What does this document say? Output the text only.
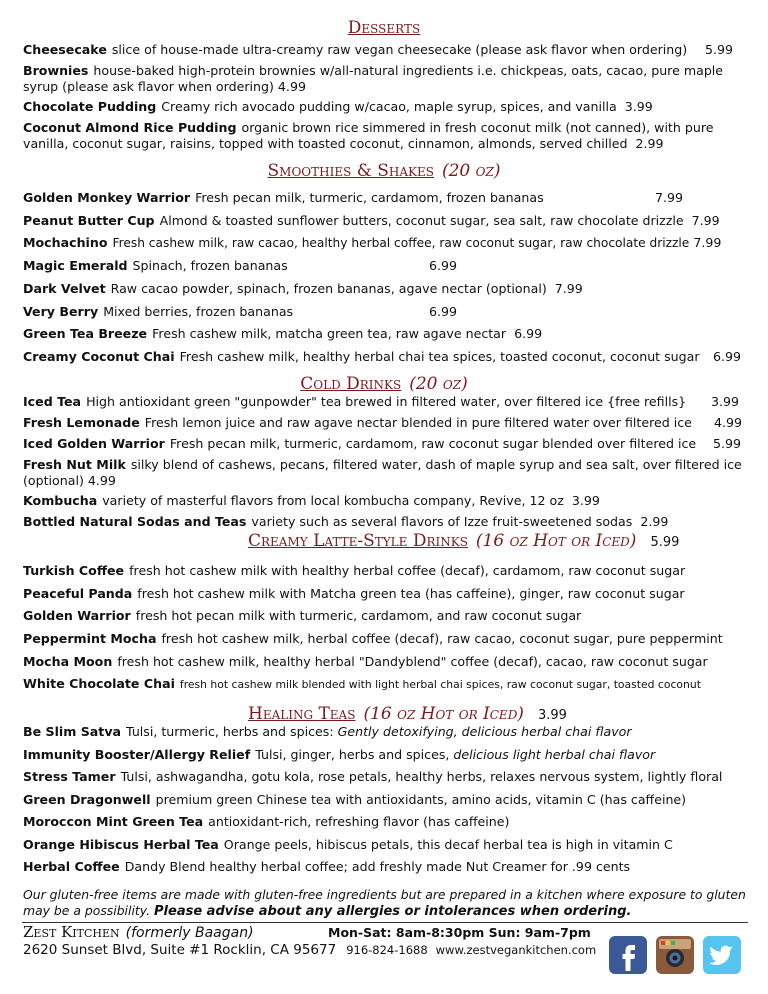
Desserts
Cheesecake slice of house-made ultra-creamy raw vegan cheesecake (please ask flavor when ordering) 5.99
Brownies house-baked high-protein brownies w/all-natural ingredients i.e. chickpeas, oats, cacao, pure maple syrup (please ask flavor when ordering) 4.99
Chocolate Pudding Creamy rich avocado pudding w/cacao, maple syrup, spices, and vanilla 3.99
Coconut Almond Rice Pudding organic brown rice simmered in fresh coconut milk (not canned), with pure vanilla, coconut sugar, raisins, topped with toasted coconut, cinnamon, almonds, served chilled 2.99
Smoothies & Shakes (20 oz)
Golden Monkey Warrior Fresh pecan milk, turmeric, cardamom, frozen bananas	7.99
Peanut Butter Cup Almond & toasted sunflower butters, coconut sugar, sea salt, raw chocolate drizzle 7.99
Mochachino Fresh cashew milk, raw cacao, healthy herbal coffee, raw coconut sugar, raw chocolate drizzle 7.99
Magic Emerald Spinach, frozen bananas	6.99
Dark Velvet Raw cacao powder, spinach, frozen bananas, agave nectar (optional) 7.99
Very Berry Mixed berries, frozen bananas	6.99
Green Tea Breeze Fresh cashew milk, matcha green tea, raw agave nectar 6.99
Creamy Coconut Chai Fresh cashew milk, healthy herbal chai tea spices, toasted coconut, coconut sugar 6.99
Cold Drinks (20 oz)
Iced Tea High antioxidant green "gunpowder" tea brewed in filtered water, over filtered ice {free refills} 3.99
Fresh Lemonade Fresh lemon juice and raw agave nectar blended in pure filtered water over filtered ice 4.99
Iced Golden Warrior Fresh pecan milk, turmeric, cardamom, raw coconut sugar blended over filtered ice 5.99
Fresh Nut Milk silky blend of cashews, pecans, filtered water, dash of maple syrup and sea salt, over filtered ice (optional) 4.99
Kombucha variety of masterful flavors from local kombucha company, Revive, 12 oz 3.99
Bottled Natural Sodas and Teas variety such as several flavors of Izze fruit-sweetened sodas 2.99
Creamy Latte-Style Drinks (16 oz Hot or Iced) 5.99
Turkish Coffee fresh hot cashew milk with healthy herbal coffee (decaf), cardamom, raw coconut sugar
Peaceful Panda fresh hot cashew milk with Matcha green tea (has caffeine), ginger, raw coconut sugar
Golden Warrior fresh hot pecan milk with turmeric, cardamom, and raw coconut sugar
Peppermint Mocha fresh hot cashew milk, herbal coffee (decaf), raw cacao, coconut sugar, pure peppermint
Mocha Moon fresh hot cashew milk, healthy herbal "Dandyblend" coffee (decaf), cacao, raw coconut sugar
White Chocolate Chai fresh hot cashew milk blended with light herbal chai spices, raw coconut sugar, toasted coconut
Healing Teas (16 oz Hot or Iced) 3.99
Be Slim Satva Tulsi, turmeric, herbs and spices: Gently detoxifying, delicious herbal chai flavor
Immunity Booster/Allergy Relief Tulsi, ginger, herbs and spices, delicious light herbal chai flavor
Stress Tamer Tulsi, ashwagandha, gotu kola, rose petals, healthy herbs, relaxes nervous system, lightly floral
Green Dragonwell premium green Chinese tea with antioxidants, amino acids, vitamin C (has caffeine)
Moroccon Mint Green Tea antioxidant-rich, refreshing flavor (has caffeine)
Orange Hibiscus Herbal Tea Orange peels, hibiscus petals, this decaf herbal tea is high in vitamin C
Herbal Coffee Dandy Blend healthy herbal coffee; add freshly made Nut Creamer for .99 cents
Our gluten-free items are made with gluten-free ingredients but are prepared in a kitchen where exposure to gluten may be a possibility. Please advise about any allergies or intolerances when ordering.
Zest Kitchen (formerly Baagan)	Mon-Sat: 8am-8:30pm Sun: 9am-7pm
2620 Sunset Blvd, Suite #1 Rocklin, CA 95677 916-824-1688 www.zestvegankitchen.com
